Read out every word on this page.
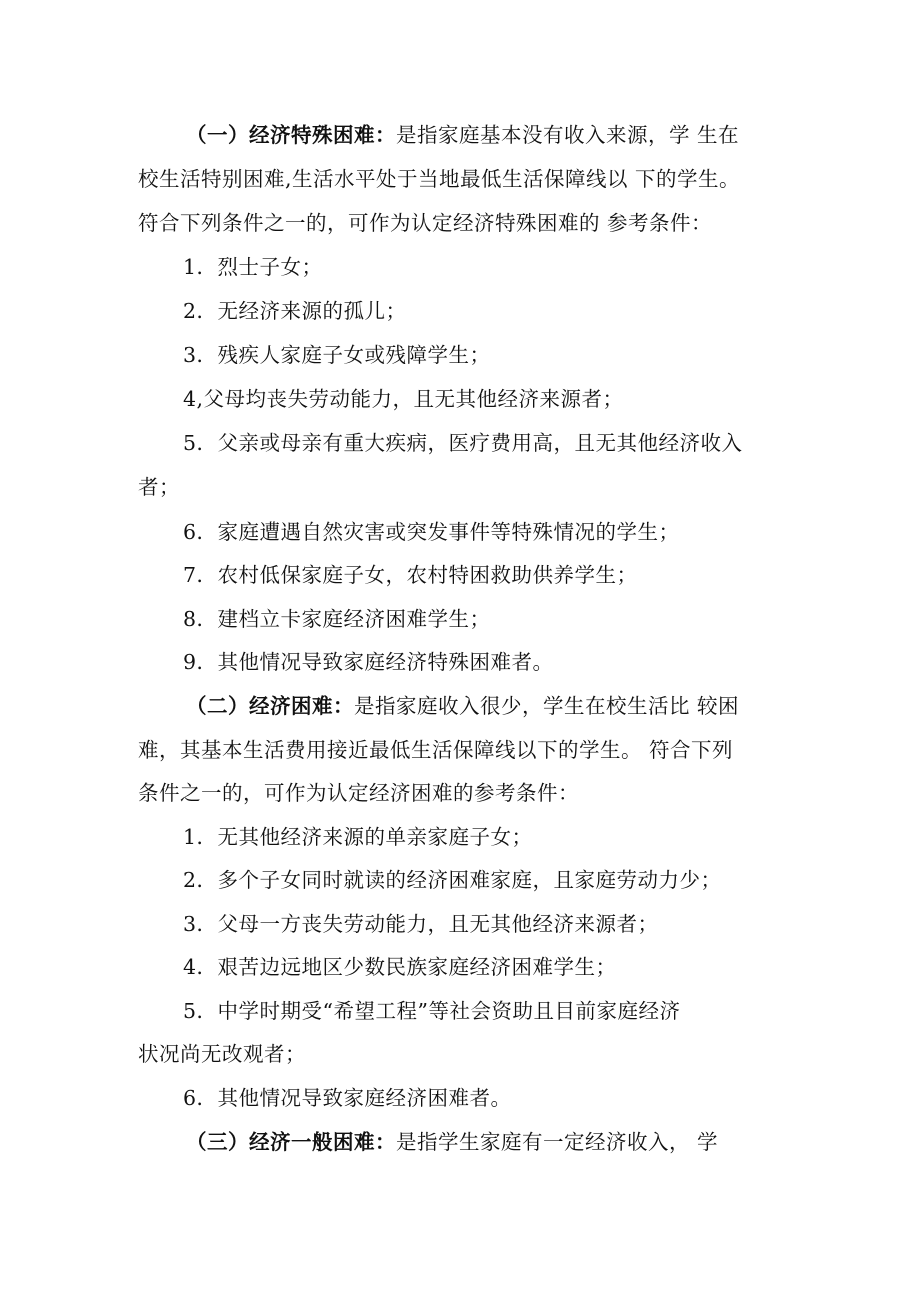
（一）经济特殊困难：是指家庭基本没有收入来源，学 生在
校生活特别困难,生活水平处于当地最低生活保障线以 下的学生。
符合下列条件之一的，可作为认定经济特殊困难的 参考条件：
1．烈士子女；
2．无经济来源的孤儿；
3．残疾人家庭子女或残障学生；
4,父母均丧失劳动能力，且无其他经济来源者；
5．父亲或母亲有重大疾病，医疗费用高，且无其他经济收入
者；
6．家庭遭遇自然灾害或突发事件等特殊情况的学生；
7．农村低保家庭子女，农村特困救助供养学生；
8．建档立卡家庭经济困难学生；
9．其他情况导致家庭经济特殊困难者。
（二）经济困难：是指家庭收入很少，学生在校生活比 较困
难，其基本生活费用接近最低生活保障线以下的学生。 符合下列
条件之一的，可作为认定经济困难的参考条件：
1．无其他经济来源的单亲家庭子女；
2．多个子女同时就读的经济困难家庭，且家庭劳动力少；
3．父母一方丧失劳动能力，且无其他经济来源者；
4．艰苦边远地区少数民族家庭经济困难学生；
5．中学时期受“希望工程”等社会资助且目前家庭经济
状况尚无改观者；
6．其他情况导致家庭经济困难者。
（三）经济一般困难：是指学生家庭有一定经济收入， 学
